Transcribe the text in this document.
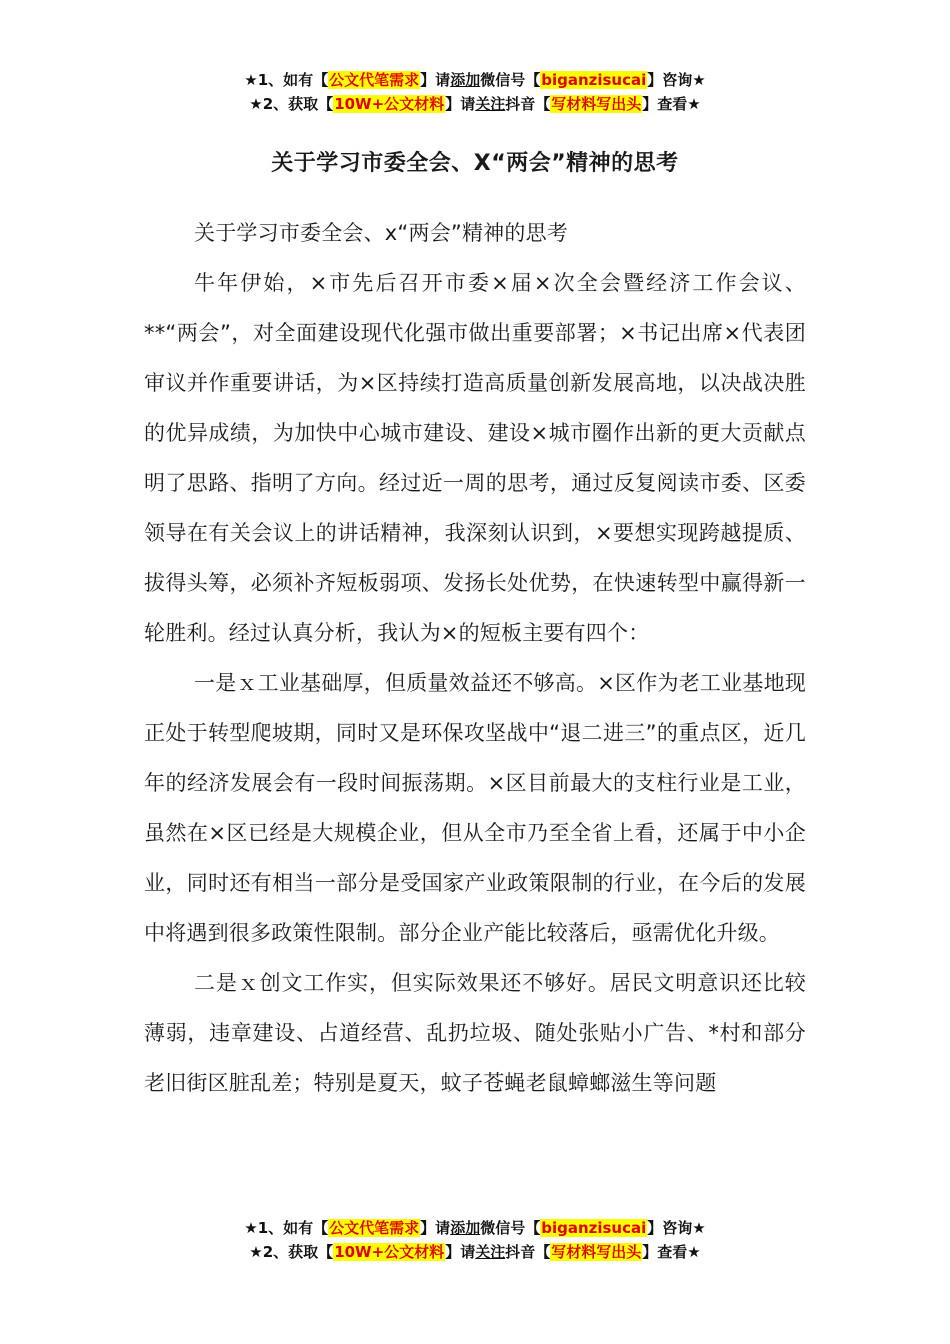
★1、如有【公文代笔需求】请添加微信号【biganzisucai】咨询★
★2、获取【10W+公文材料】请关注抖音【写材料写出头】查看★
关于学习市委全会、X“两会”精神的思考

关于学习市委全会、x“两会”精神的思考

牛年伊始，×市先后召开市委×届×次全会暨经济工作会议、**“两会”，对全面建设现代化强市做出重要部署；×书记出席×代表团审议并作重要讲话，为×区持续打造高质量创新发展高地，以决战决胜的优异成绩，为加快中心城市建设、建设×城市圈作出新的更大贡献点明了思路、指明了方向。经过近一周的思考，通过反复阅读市委、区委领导在有关会议上的讲话精神，我深刻认识到，×要想实现跨越提质、拔得头筹，必须补齐短板弱项、发扬长处优势，在快速转型中赢得新一轮胜利。经过认真分析，我认为×的短板主要有四个：

一是ｘ工业基础厚，但质量效益还不够高。×区作为老工业基地现正处于转型爬坡期，同时又是环保攻坚战中“退二进三”的重点区，近几年的经济发展会有一段时间振荡期。×区目前最大的支柱行业是工业，虽然在×区已经是大规模企业，但从全市乃至全省上看，还属于中小企业，同时还有相当一部分是受国家产业政策限制的行业，在今后的发展中将遇到很多政策性限制。部分企业产能比较落后，亟需优化升级。

二是ｘ创文工作实，但实际效果还不够好。居民文明意识还比较薄弱，违章建设、占道经营、乱扔垃圾、随处张贴小广告、*村和部分老旧街区脏乱差；特别是夏天，蚊子苍蝇老鼠蟑螂滋生等问题

★1、如有【公文代笔需求】请添加微信号【biganzisucai】咨询★
★2、获取【10W+公文材料】请关注抖音【写材料写出头】查看★
